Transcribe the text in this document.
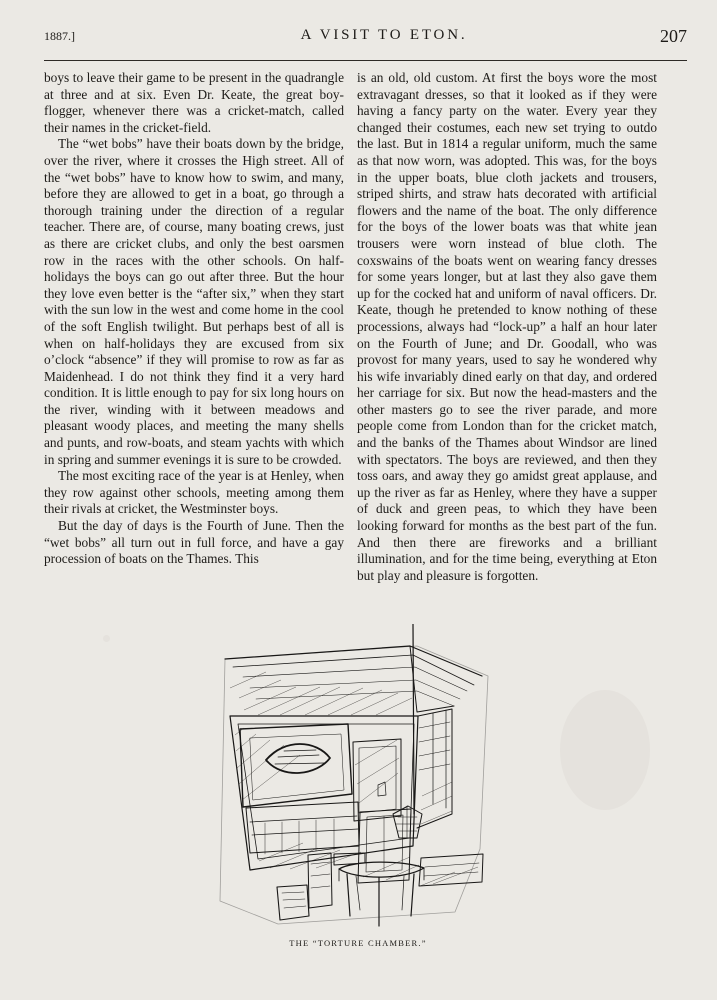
1887.]	A VISIT TO ETON.	207

boys to leave their game to be present in the quadrangle at three and at six. Even Dr. Keate, the great boy-flogger, whenever there was a cricket-match, called their names in the cricket-field.

The “wet bobs” have their boats down by the bridge, over the river, where it crosses the High street. All of the “wet bobs” have to know how to swim, and many, before they are allowed to get in a boat, go through a thorough training under the direction of a regular teacher. There are, of course, many boating crews, just as there are cricket clubs, and only the best oarsmen row in the races with the other schools. On half-holidays the boys can go out after three. But the hour they love even better is the “after six,” when they start with the sun low in the west and come home in the cool of the soft English twilight. But perhaps best of all is when on half-holidays they are excused from six o’clock “absence” if they will promise to row as far as Maidenhead. I do not think they find it a very hard condition. It is little enough to pay for six long hours on the river, winding with it between meadows and pleasant woody places, and meeting the many shells and punts, and row-boats, and steam yachts with which in spring and summer evenings it is sure to be crowded.

The most exciting race of the year is at Henley, when they row against other schools, meeting among them their rivals at cricket, the Westminster boys.

But the day of days is the Fourth of June. Then the “wet bobs” all turn out in full force, and have a gay procession of boats on the Thames. This

is an old, old custom. At first the boys wore the most extravagant dresses, so that it looked as if they were having a fancy party on the water. Every year they changed their costumes, each new set trying to outdo the last. But in 1814 a regular uniform, much the same as that now worn, was adopted. This was, for the boys in the upper boats, blue cloth jackets and trousers, striped shirts, and straw hats decorated with artificial flowers and the name of the boat. The only difference for the boys of the lower boats was that white jean trousers were worn instead of blue cloth. The coxswains of the boats went on wearing fancy dresses for some years longer, but at last they also gave them up for the cocked hat and uniform of naval officers. Dr. Keate, though he pretended to know nothing of these processions, always had “lock-up” a half an hour later on the Fourth of June; and Dr. Goodall, who was provost for many years, used to say he wondered why his wife invariably dined early on that day, and ordered her carriage for six. But now the head-masters and the other masters go to see the river parade, and more people come from London than for the cricket match, and the banks of the Thames about Windsor are lined with spectators. The boys are reviewed, and then they toss oars, and away they go amidst great applause, and up the river as far as Henley, where they have a supper of duck and green peas, to which they have been looking forward for months as the best part of the fun. And then there are fireworks and a brilliant illumination, and for the time being, everything at Eton but play and pleasure is forgotten.

THE “TORTURE CHAMBER.”
